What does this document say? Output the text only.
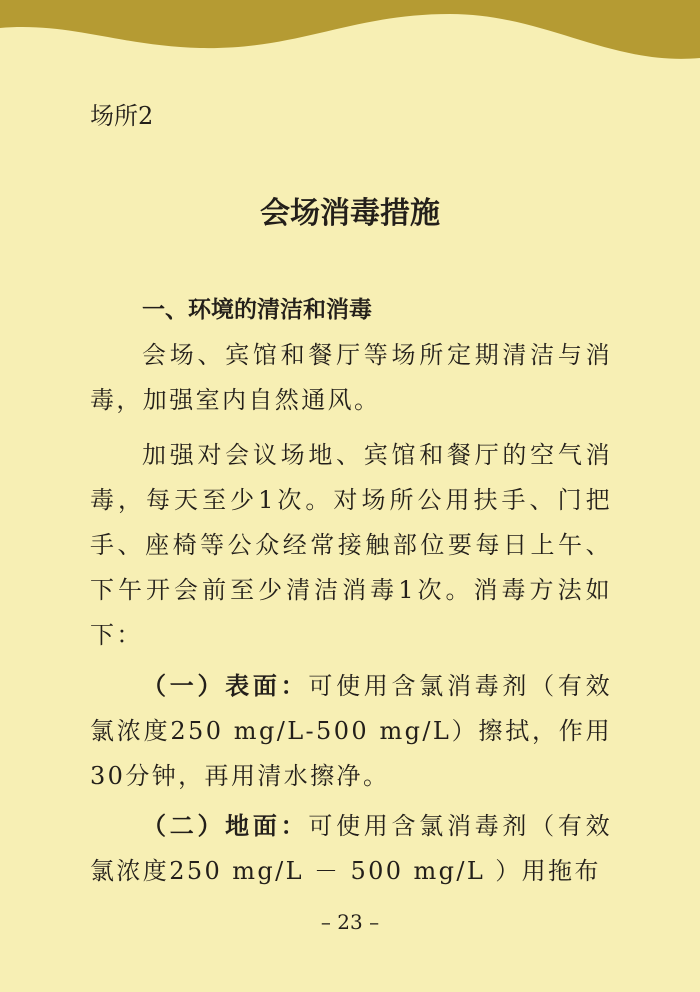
场所2
会场消毒措施
一、环境的清洁和消毒
会场、宾馆和餐厅等场所定期清洁与消毒，加强室内自然通风。
加强对会议场地、宾馆和餐厅的空气消毒，每天至少1次。对场所公用扶手、门把手、座椅等公众经常接触部位要每日上午、下午开会前至少清洁消毒1次。消毒方法如下：
（一）表面：可使用含氯消毒剂（有效氯浓度250 mg/L-500 mg/L）擦拭，作用30分钟，再用清水擦净。
（二）地面：可使用含氯消毒剂（有效氯浓度250 mg/L － 500 mg/L ）用拖布
– 23 –
